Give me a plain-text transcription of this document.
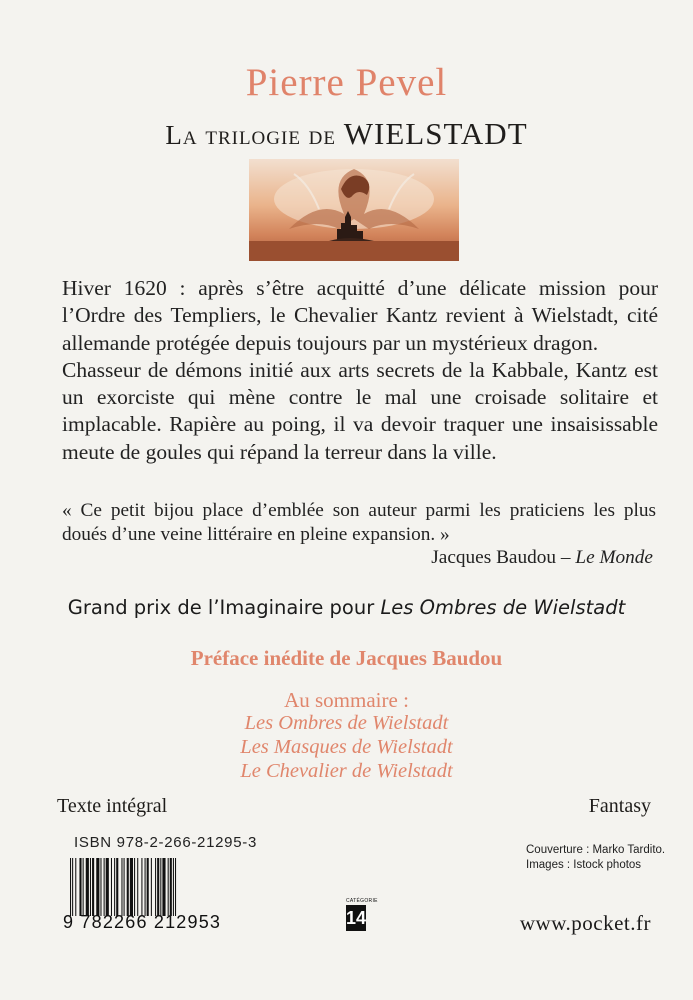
Pierre Pevel
La trilogie de WIELSTADT

Hiver 1620 : après s’être acquitté d’une délicate mission pour l’Ordre des Templiers, le Chevalier Kantz revient à Wielstadt, cité allemande protégée depuis toujours par un mystérieux dragon.

Chasseur de démons initié aux arts secrets de la Kabbale, Kantz est un exorciste qui mène contre le mal une croisade solitaire et implacable. Rapière au poing, il va devoir traquer une insaisissable meute de goules qui répand la terreur dans la ville.

« Ce petit bijou place d’emblée son auteur parmi les praticiens les plus doués d’une veine littéraire en pleine expansion. »
Jacques Baudou – Le Monde
Grand prix de l’Imaginaire pour Les Ombres de Wielstadt
Préface inédite de Jacques Baudou
Au sommaire :
Les Ombres de Wielstadt
Les Masques de Wielstadt
Le Chevalier de Wielstadt
Texte intégral	Fantasy
ISBN 978-2-266-21295-3	Couverture : Marko Tardito.
Images : Istock photos
9 782266 212953
CATÉGORIE
14	www.pocket.fr
